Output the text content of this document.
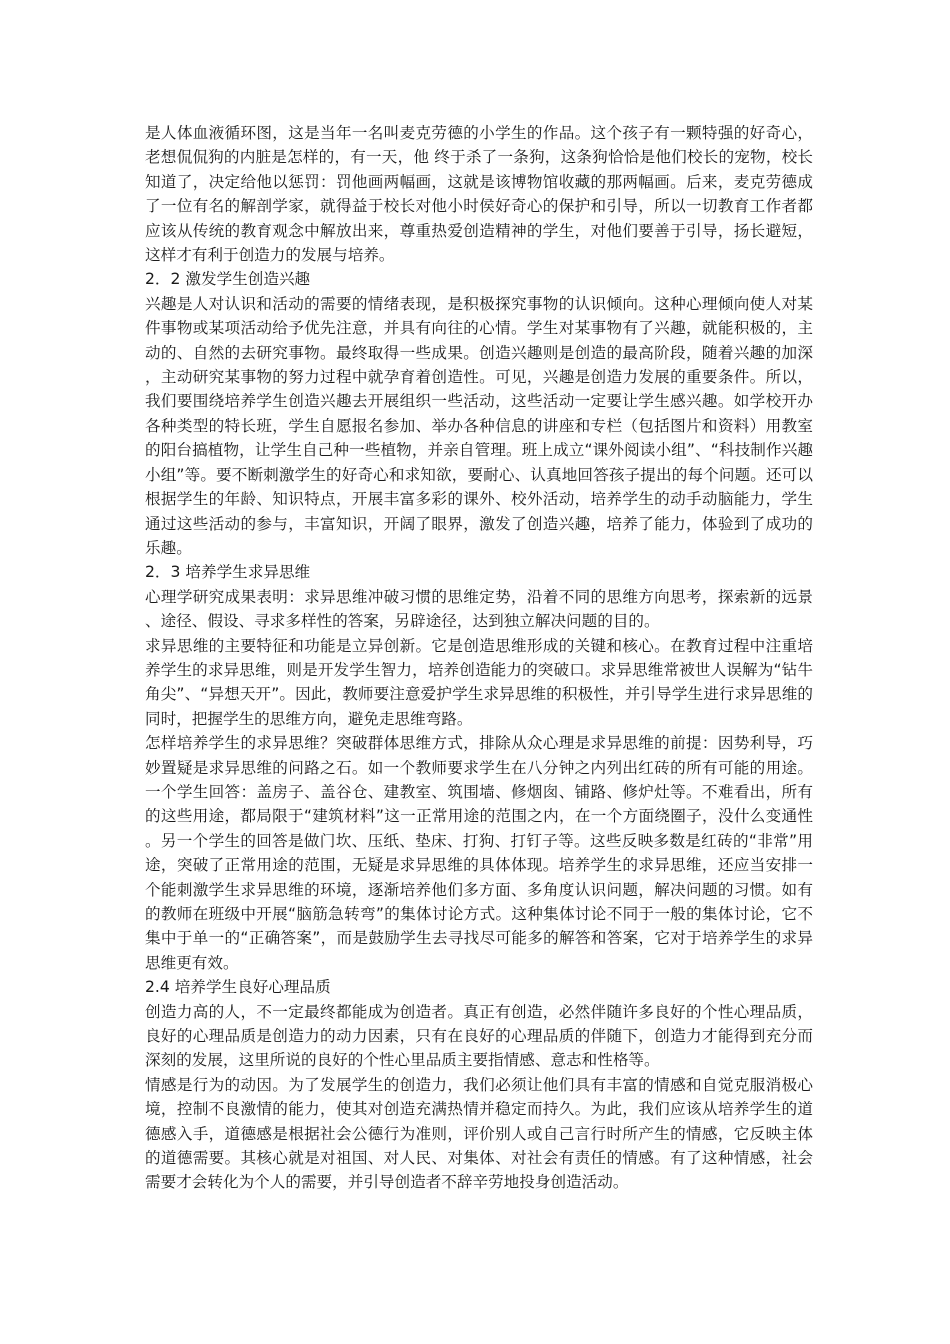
是人体血液循环图，这是当年一名叫麦克劳德的小学生的作品。这个孩子有一颗特强的好奇心，老想侃侃狗的内脏是怎样的，有一天，他 终于杀了一条狗，这条狗恰恰是他们校长的宠物，校长知道了，决定给他以惩罚：罚他画两幅画，这就是该博物馆收藏的那两幅画。后来，麦克劳德成了一位有名的解剖学家，就得益于校长对他小时侯好奇心的保护和引导，所以一切教育工作者都应该从传统的教育观念中解放出来，尊重热爱创造精神的学生，对他们要善于引导，扬长避短，这样才有利于创造力的发展与培养。

2．2 激发学生创造兴趣

兴趣是人对认识和活动的需要的情绪表现，是积极探究事物的认识倾向。这种心理倾向使人对某件事物或某项活动给予优先注意，并具有向往的心情。学生对某事物有了兴趣，就能积极的，主动的、自然的去研究事物。最终取得一些成果。创造兴趣则是创造的最高阶段，随着兴趣的加深，主动研究某事物的努力过程中就孕育着创造性。可见，兴趣是创造力发展的重要条件。所以，我们要围绕培养学生创造兴趣去开展组织一些活动，这些活动一定要让学生感兴趣。如学校开办各种类型的特长班，学生自愿报名参加、举办各种信息的讲座和专栏（包括图片和资料）用教室的阳台搞植物，让学生自己种一些植物，并亲自管理。班上成立“课外阅读小组”、“科技制作兴趣小组”等。要不断刺激学生的好奇心和求知欲，要耐心、认真地回答孩子提出的每个问题。还可以根据学生的年龄、知识特点，开展丰富多彩的课外、校外活动，培养学生的动手动脑能力，学生通过这些活动的参与，丰富知识，开阔了眼界，激发了创造兴趣，培养了能力，体验到了成功的乐趣。

2．3 培养学生求异思维

心理学研究成果表明：求异思维冲破习惯的思维定势，沿着不同的思维方向思考，探索新的远景、途径、假设、寻求多样性的答案，另辟途径，达到独立解决问题的目的。

求异思维的主要特征和功能是立异创新。它是创造思维形成的关键和核心。在教育过程中注重培养学生的求异思维，则是开发学生智力，培养创造能力的突破口。求异思维常被世人误解为“钻牛角尖”、“异想天开”。因此，教师要注意爱护学生求异思维的积极性，并引导学生进行求异思维的同时，把握学生的思维方向，避免走思维弯路。

怎样培养学生的求异思维？突破群体思维方式，排除从众心理是求异思维的前提：因势利导，巧妙置疑是求异思维的问路之石。如一个教师要求学生在八分钟之内列出红砖的所有可能的用途。一个学生回答：盖房子、盖谷仓、建教室、筑围墙、修烟囱、铺路、修炉灶等。不难看出，所有的这些用途，都局限于“建筑材料”这一正常用途的范围之内，在一个方面绕圈子，没什么变通性。另一个学生的回答是做门坎、压纸、垫床、打狗、打钉子等。这些反映多数是红砖的“非常”用途，突破了正常用途的范围，无疑是求异思维的具体体现。培养学生的求异思维，还应当安排一个能刺激学生求异思维的环境，逐渐培养他们多方面、多角度认识问题，解决问题的习惯。如有的教师在班级中开展“脑筋急转弯”的集体讨论方式。这种集体讨论不同于一般的集体讨论，它不集中于单一的“正确答案”，而是鼓励学生去寻找尽可能多的解答和答案，它对于培养学生的求异思维更有效。

2.4 培养学生良好心理品质

创造力高的人，不一定最终都能成为创造者。真正有创造，必然伴随许多良好的个性心理品质，良好的心理品质是创造力的动力因素，只有在良好的心理品质的伴随下，创造力才能得到充分而深刻的发展，这里所说的良好的个性心里品质主要指情感、意志和性格等。

情感是行为的动因。为了发展学生的创造力，我们必须让他们具有丰富的情感和自觉克服消极心境，控制不良激情的能力，使其对创造充满热情并稳定而持久。为此，我们应该从培养学生的道德感入手，道德感是根据社会公德行为准则，评价别人或自己言行时所产生的情感，它反映主体的道德需要。其核心就是对祖国、对人民、对集体、对社会有责任的情感。有了这种情感，社会需要才会转化为个人的需要，并引导创造者不辞辛劳地投身创造活动。
